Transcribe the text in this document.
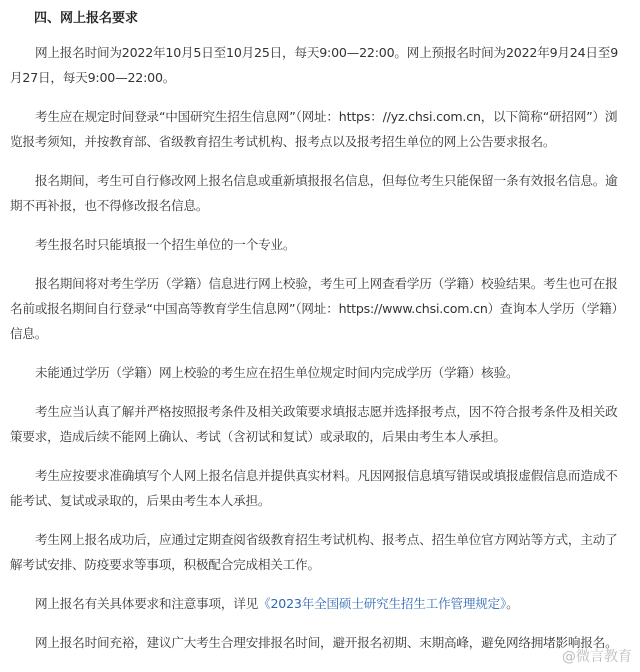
四、网上报名要求

网上报名时间为2022年10月5日至10月25日，每天9:00—22:00。网上预报名时间为2022年9月24日至9月27日，每天9:00—22:00。

考生应在规定时间登录“中国研究生招生信息网”（网址：https：//yz.chsi.com.cn，以下简称“研招网”）浏览报考须知，并按教育部、省级教育招生考试机构、报考点以及报考招生单位的网上公告要求报名。

报名期间，考生可自行修改网上报名信息或重新填报报名信息，但每位考生只能保留一条有效报名信息。逾期不再补报，也不得修改报名信息。

考生报名时只能填报一个招生单位的一个专业。

报名期间将对考生学历（学籍）信息进行网上校验，考生可上网查看学历（学籍）校验结果。考生也可在报名前或报名期间自行登录“中国高等教育学生信息网”（网址：https://www.chsi.com.cn）查询本人学历（学籍）信息。

未能通过学历（学籍）网上校验的考生应在招生单位规定时间内完成学历（学籍）核验。

考生应当认真了解并严格按照报考条件及相关政策要求填报志愿并选择报考点，因不符合报考条件及相关政策要求，造成后续不能网上确认、考试（含初试和复试）或录取的，后果由考生本人承担。

考生应按要求准确填写个人网上报名信息并提供真实材料。凡因网报信息填写错误或填报虚假信息而造成不能考试、复试或录取的，后果由考生本人承担。

考生网上报名成功后，应通过定期查阅省级教育招生考试机构、报考点、招生单位官方网站等方式，主动了解考试安排、防疫要求等事项，积极配合完成相关工作。

网上报名有关具体要求和注意事项，详见《2023年全国硕士研究生招生工作管理规定》。

网上报名时间充裕，建议广大考生合理安排报名时间，避开报名初期、末期高峰，避免网络拥堵影响报名。

@微言教育
